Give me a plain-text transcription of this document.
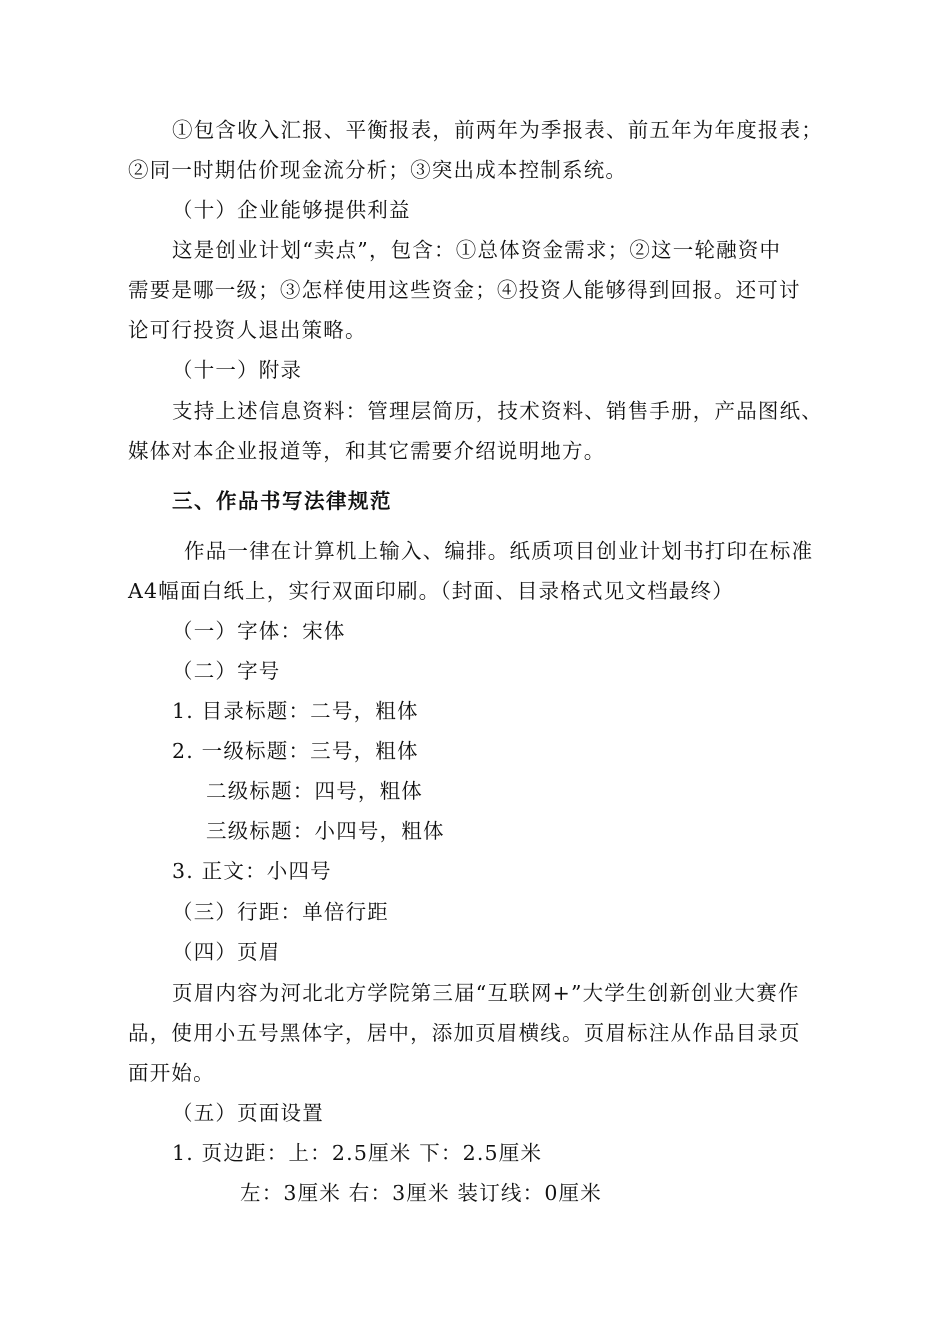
①包含收入汇报、平衡报表，前两年为季报表、前五年为年度报表；
②同一时期估价现金流分析；③突出成本控制系统。
（十）企业能够提供利益
这是创业计划“卖点”，包含：①总体资金需求；②这一轮融资中
需要是哪一级；③怎样使用这些资金；④投资人能够得到回报。还可讨
论可行投资人退出策略。
（十一）附录
支持上述信息资料：管理层简历，技术资料、销售手册，产品图纸、
媒体对本企业报道等，和其它需要介绍说明地方。
三、作品书写法律规范
作品一律在计算机上输入、编排。纸质项目创业计划书打印在标准
A4幅面白纸上，实行双面印刷。（封面、目录格式见文档最终）
（一）字体：宋体
（二）字号
1. 目录标题：二号，粗体
2. 一级标题：三号，粗体
二级标题：四号，粗体
三级标题：小四号，粗体
3. 正文：小四号
（三）行距：单倍行距
（四）页眉
页眉内容为河北北方学院第三届“互联网+”大学生创新创业大赛作
品，使用小五号黑体字，居中，添加页眉横线。页眉标注从作品目录页
面开始。
（五）页面设置
1. 页边距：上：2.5厘米 下：2.5厘米
左：3厘米 右：3厘米 装订线：0厘米
